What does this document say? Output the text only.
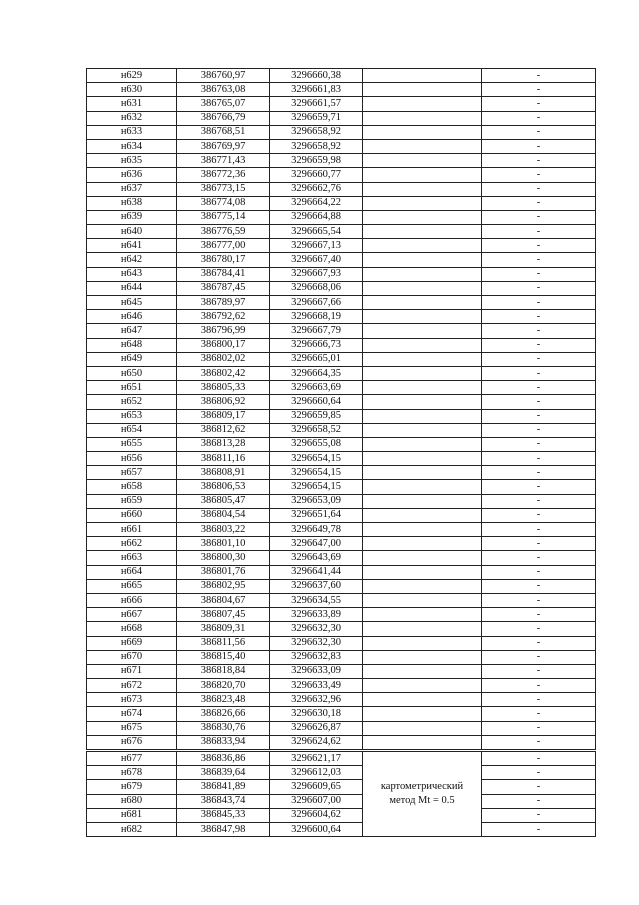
н629	386760,97	3296660,38		-
н630	386763,08	3296661,83		-
н631	386765,07	3296661,57		-
н632	386766,79	3296659,71		-
н633	386768,51	3296658,92		-
н634	386769,97	3296658,92		-
н635	386771,43	3296659,98		-
н636	386772,36	3296660,77		-
н637	386773,15	3296662,76		-
н638	386774,08	3296664,22		-
н639	386775,14	3296664,88		-
н640	386776,59	3296665,54		-
н641	386777,00	3296667,13		-
н642	386780,17	3296667,40		-
н643	386784,41	3296667,93		-
н644	386787,45	3296668,06		-
н645	386789,97	3296667,66		-
н646	386792,62	3296668,19		-
н647	386796,99	3296667,79		-
н648	386800,17	3296666,73		-
н649	386802,02	3296665,01		-
н650	386802,42	3296664,35		-
н651	386805,33	3296663,69		-
н652	386806,92	3296660,64		-
н653	386809,17	3296659,85		-
н654	386812,62	3296658,52		-
н655	386813,28	3296655,08		-
н656	386811,16	3296654,15		-
н657	386808,91	3296654,15		-
н658	386806,53	3296654,15		-
н659	386805,47	3296653,09		-
н660	386804,54	3296651,64		-
н661	386803,22	3296649,78		-
н662	386801,10	3296647,00		-
н663	386800,30	3296643,69		-
н664	386801,76	3296641,44		-
н665	386802,95	3296637,60		-
н666	386804,67	3296634,55		-
н667	386807,45	3296633,89		-
н668	386809,31	3296632,30		-
н669	386811,56	3296632,30		-
н670	386815,40	3296632,83		-
н671	386818,84	3296633,09		-
н672	386820,70	3296633,49		-
н673	386823,48	3296632,96		-
н674	386826,66	3296630,18		-
н675	386830,76	3296626,87		-
н676	386833,94	3296624,62		-
н677	386836,86	3296621,17		-
н678	386839,64	3296612,03		-
н679	386841,89	3296609,65	картометрический	-
н680	386843,74	3296607,00	метод Mt = 0.5	-
н681	386845,33	3296604,62		-
н682	386847,98	3296600,64		-
